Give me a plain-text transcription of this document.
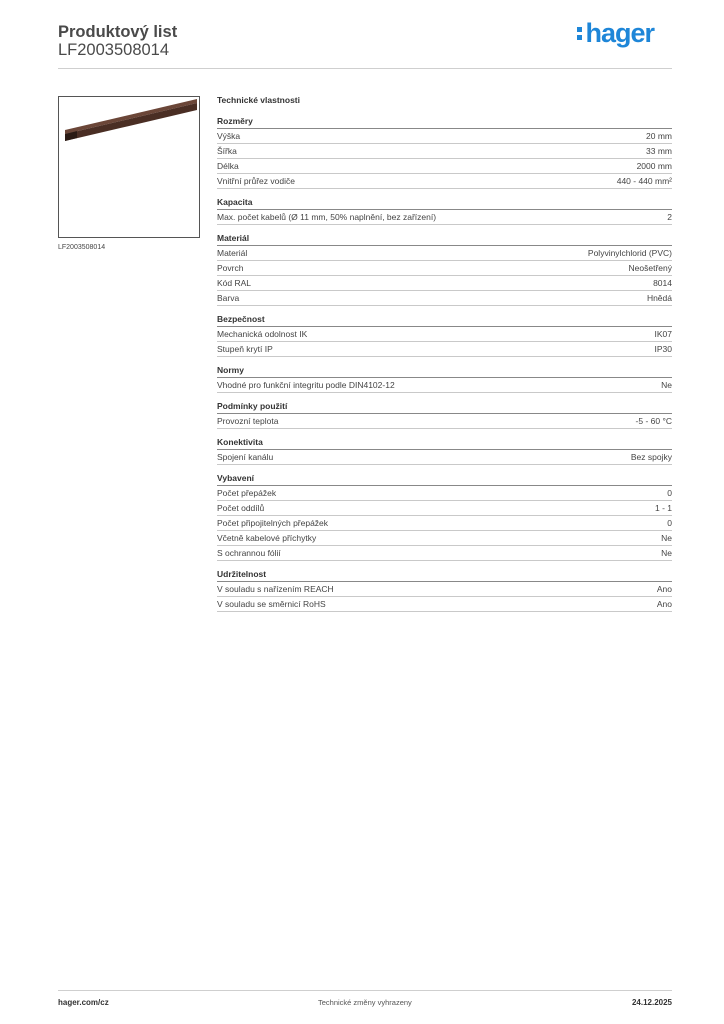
Produktový list
LF2003508014
hager
LF2003508014
Technické vlastnosti
Rozměry
Výška	20 mm
Šířka	33 mm
Délka	2000 mm
Vnitřní průřez vodiče	440 - 440 mm²
Kapacita
Max. počet kabelů (Ø 11 mm, 50% naplnění, bez zařízení)	2
Materiál
Materiál	Polyvinylchlorid (PVC)
Povrch	Neošetřený
Kód RAL	8014
Barva	Hnědá
Bezpečnost
Mechanická odolnost IK	IK07
Stupeň krytí IP	IP30
Normy
Vhodné pro funkční integritu podle DIN4102-12	Ne
Podmínky použití
Provozní teplota	-5 - 60 °C
Konektivita
Spojení kanálu	Bez spojky
Vybavení
Počet přepážek	0
Počet oddílů	1 - 1
Počet připojitelných přepážek	0
Včetně kabelové příchytky	Ne
S ochrannou fólií	Ne
Udržitelnost
V souladu s nařízením REACH	Ano
V souladu se směrnicí RoHS	Ano
hager.com/cz	Technické změny vyhrazeny	24.12.2025
